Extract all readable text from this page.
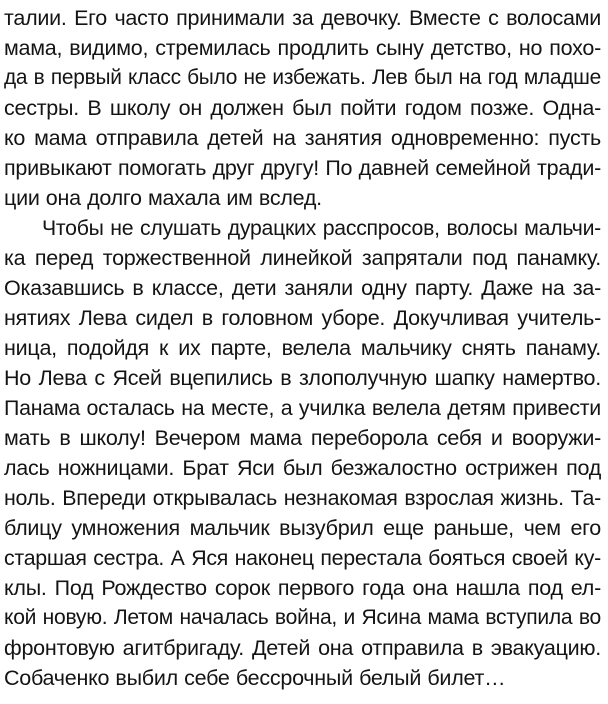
талии. Его часто принимали за девочку. Вместе с волосами
мама, видимо, стремилась продлить сыну детство, но похо-
да в первый класс было не избежать. Лев был на год младше
сестры. В школу он должен был пойти годом позже. Одна-
ко мама отправила детей на занятия одновременно: пусть
привыкают помогать друг другу! По давней семейной тради-
ции она долго махала им вслед.
Чтобы не слушать дурацких расспросов, волосы мальчи-
ка перед торжественной линейкой запрятали под панамку.
Оказавшись в классе, дети заняли одну парту. Даже на за-
нятиях Лева сидел в головном уборе. Докучливая учитель-
ница, подойдя к их парте, велела мальчику снять панаму.
Но Лева с Ясей вцепились в злополучную шапку намертво.
Панама осталась на месте, а училка велела детям привести
мать в школу! Вечером мама переборола себя и вооружи-
лась ножницами. Брат Яси был безжалостно острижен под
ноль. Впереди открывалась незнакомая взрослая жизнь. Та-
блицу умножения мальчик вызубрил еще раньше, чем его
старшая сестра. А Яся наконец перестала бояться своей ку-
клы. Под Рождество сорок первого года она нашла под ел-
кой новую. Летом началась война, и Ясина мама вступила во
фронтовую агитбригаду. Детей она отправила в эвакуацию.
Собаченко выбил себе бессрочный белый билет…
